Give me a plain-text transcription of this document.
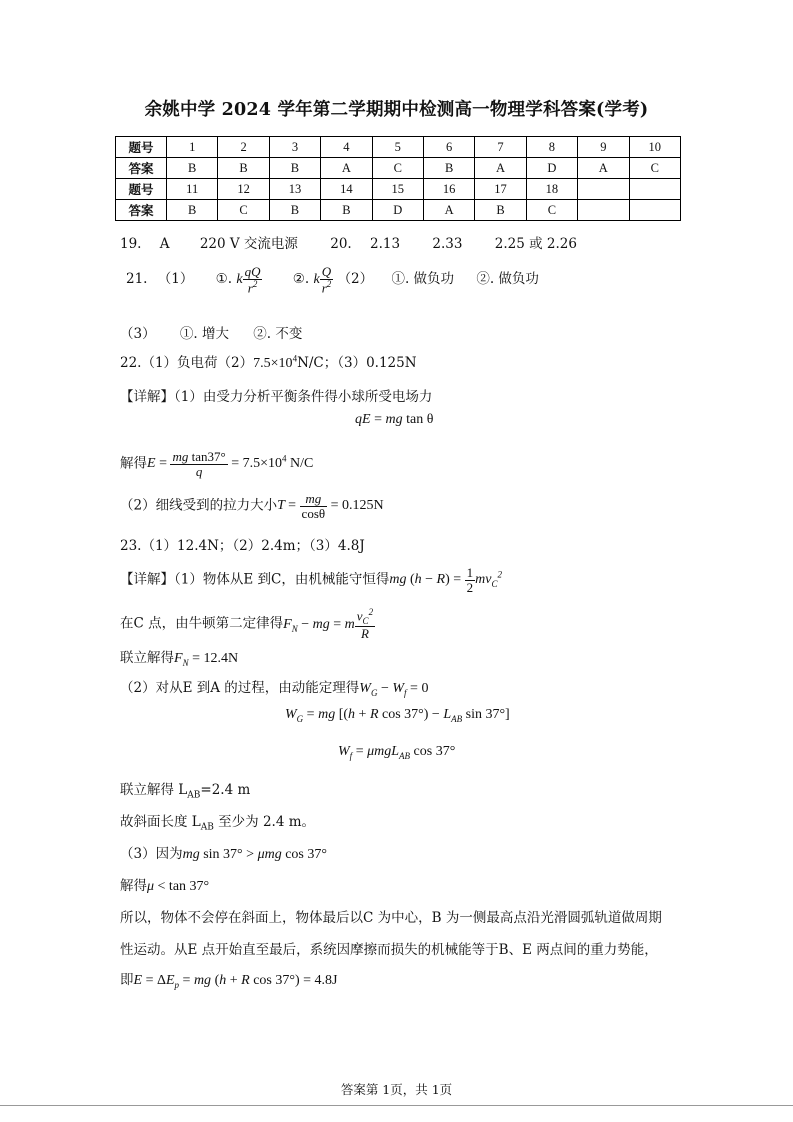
余姚中学 2024 学年第二学期期中检测高一物理学科答案(学考)
题号	1	2	3	4	5	6	7	8	9	10
答案	B	B	B	A	C	B	A	D	A	C
题号	11	12	13	14	15	16	17	18		
答案	B	C	B	B	D	A	B	C		
19. A 220 V 交流电源 20. 2.13 2.33 2.25 或 2.26
21. （1） ①. k $\frac{qQ}{r^2}$ ②. k $\frac{Q}{r^2} (2)$ ①. 做负功 ②. 做负功
（3） ①. 增大 ②. 不变
22.（1）负电荷$(2)7.5\times 10^4N/C$；（3）0.125N
【详解】（1）由受力分析平衡条件得小球所受电场力
qE = mg tan θ
解得$E = \frac{\text{mg tan37°}}{q} = 7.5\times 10^4$ N/C
（2）细线受到的拉力大小$T = \frac{mg}{\cos\theta} = 0.125N$
23.（1）12.4N；（2）2.4m；（3）4.8J
【详解】（1）物体从E 到C，由机械能守恒得mg $(h - R) = \frac{1}{2} mv_C^2$
在C 点，由牛顿第二定律得$F_N$ − mg = m $\frac{v_C^2}{R}$
联立解得$F_N = 12.4N$
（2）对从E 到A 的过程，由动能定理得$W_G - W_f = 0$
$W_G$ = mg [(h + R $\cos 37^\circ) - L_{AB}$ sin 37°]
$W_f = \mu mgL_{AB}$ cos 37°
联立解得 $L_{AB}=2.4$ m
故斜面长度 $L_{AB}$ 至少为 2.4 m。
（3）因为mg sin 37° > μmg cos 37°
解得μ < tan 37°
所以，物体不会停在斜面上，物体最后以C 为中心，B 为一侧最高点沿光滑圆弧轨道做周期
性运动。从E 点开始直至最后，系统因摩擦而损失的机械能等于B、E 两点间的重力势能，
即$E = \Delta E_p$ = mg (h + R cos 37°) = 4.8J
答案第 1页，共 1页
